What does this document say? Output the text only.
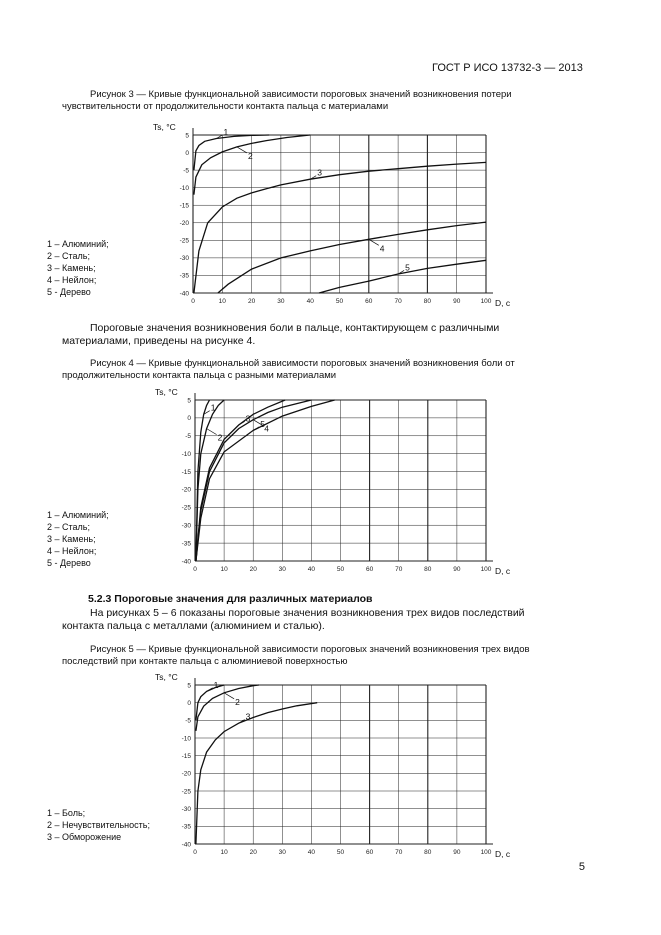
ГОСТ Р ИСО 13732-3 — 2013

Рисунок 3 — Кривые функциональной зависимости пороговых значений возникновения потери

чувствительности от продолжительности контакта пальца с материалами

0	10	20	30	40	50	60	70	80	90	100
5
0
-5
-10
-15
-20
-25
-30
-35
-40
Ts, °C
D, с
1
2
3
4
5
1 – Алюминий;
2 – Сталь;
3 – Камень;
4 – Нейлон;
5 - Дерево

Пороговые значения возникновения боли в пальце, контактирующем с различными

материалами, приведены на рисунке 4.

Рисунок 4 — Кривые функциональной зависимости пороговых значений возникновения боли от

продолжительности контакта пальца с разными материалами

0	10	20	30	40	50	60	70	80	90	100
5
0
-5
-10
-15
-20
-25
-30
-35
-40
Ts, °C
D, с
1
2
3
4
5
1 – Алюминий;
2 – Сталь;
3 – Камень;
4 – Нейлон;
5 - Дерево
5.2.3 Пороговые значения для различных материалов

На рисунках 5 – 6 показаны пороговые значения возникновения трех видов последствий

контакта пальца с металлами (алюминием и сталью).

Рисунок 5 — Кривые функциональной зависимости пороговых значений возникновения трех видов

последствий при контакте пальца с алюминиевой поверхностью

0	10	20	30	40	50	60	70	80	90	100
5
0
-5
-10
-15
-20
-25
-30
-35
-40
Ts, °C
D, с
1
2
3
1 – Боль;
2 – Нечувствительность;
3 – Обморожение
5
